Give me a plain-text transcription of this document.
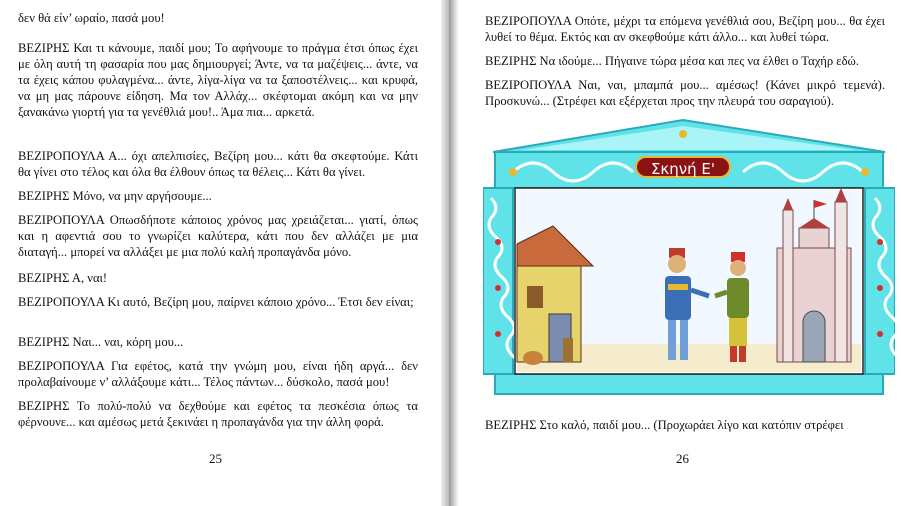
δεν θά είν’ ωραίο, πασά μου!

ΒΕΖΙΡΗΣ Και τι κάνουμε, παιδί μου; Το αφήνουμε το πράγμα έτσι όπως έχει με όλη αυτή τη φασαρία που μας δημιουργεί; Άντε, να τα μαζέψεις... άντε, να τα έχεις κάπου φυλαγμένα... άντε, λίγα-λίγα να τα ξαποστέλνεις... και κρυφά, να μη μας πάρουνε είδηση. Μα τον Αλλάχ... σκέφτομαι ακόμη και να μην ξανακάνω γιορτή για τα γενέθλιά μου!.. Άμα πια... αρκετά.

ΒΕΖΙΡΟΠΟΥΛΑ Α... όχι απελπισίες, Βεζίρη μου... κάτι θα σκεφτούμε. Κάτι θα γίνει στο τέλος και όλα θα έλθουν όπως τα θέλεις... Κάτι θα γίνει.

ΒΕΖΙΡΗΣ Μόνο, να μην αργήσουμε...

ΒΕΖΙΡΟΠΟΥΛΑ Οπωσδήποτε κάποιος χρόνος μας χρειάζεται... γιατί, όπως και η αφεντιά σου το γνωρίζει καλύτερα, κάτι που δεν αλλάζει με μια διαταγή... μπορεί να αλλάξει με μια πολύ καλή προπαγάνδα μόνο.

ΒΕΖΙΡΗΣ Α, ναι!

ΒΕΖΙΡΟΠΟΥΛΑ Κι αυτό, Βεζίρη μου, παίρνει κάποιο χρόνο... Έτσι δεν είναι;

ΒΕΖΙΡΗΣ Ναι... ναι, κόρη μου...

ΒΕΖΙΡΟΠΟΥΛΑ Για εφέτος, κατά την γνώμη μου, είναι ήδη αργά... δεν προλαβαίνουμε ν’ αλλάξουμε κάτι... Τέλος πάντων... δύσκολο, πασά μου!

ΒΕΖΙΡΗΣ Το πολύ-πολύ να δεχθούμε και εφέτος τα πεσκέσια όπως τα φέρνουνε... και αμέσως μετά ξεκινάει η προπαγάνδα για την άλλη φορά.

25

ΒΕΖΙΡΟΠΟΥΛΑ Οπότε, μέχρι τα επόμενα γενέθλιά σου, Βεζίρη μου... θα έχει λυθεί το θέμα. Εκτός και αν σκεφθούμε κάτι άλλο... και λυθεί τώρα.

ΒΕΖΙΡΗΣ Να ιδούμε... Πήγαινε τώρα μέσα και πες να έλθει ο Ταχήρ εδώ.

ΒΕΖΙΡΟΠΟΥΛΑ Ναι, ναι, μπαμπά μου... αμέσως! (Κάνει μικρό τεμενά). Προσκυνώ... (Στρέφει και εξέρχεται προς την πλευρά του σαραγιού).

Σκηνή Ε'

ΒΕΖΙΡΗΣ Στο καλό, παιδί μου... (Προχωράει λίγο και κατόπιν στρέφει

26
